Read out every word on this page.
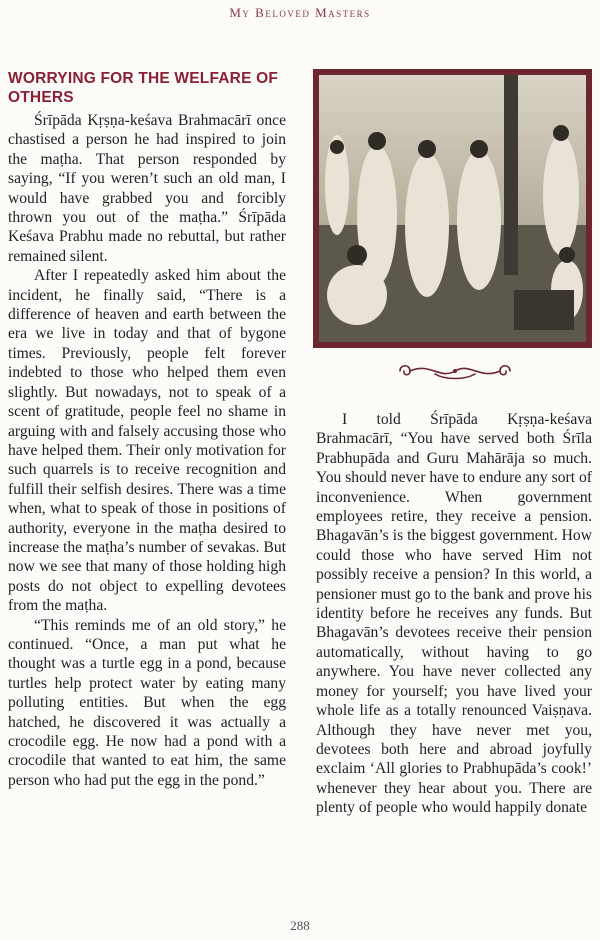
My Beloved Masters
WORRYING FOR THE WELFARE OF OTHERS

Śrīpāda Kṛṣṇa-keśava Brahmacārī once chastised a person he had inspired to join the maṭha. That person responded by saying, “If you weren’t such an old man, I would have grabbed you and forcibly thrown you out of the maṭha.” Śrīpāda Keśava Prabhu made no rebuttal, but rather remained silent.

After I repeatedly asked him about the incident, he finally said, “There is a difference of heaven and earth between the era we live in today and that of bygone times. Previously, people felt forever indebted to those who helped them even slightly. But nowadays, not to speak of a scent of gratitude, people feel no shame in arguing with and falsely accusing those who have helped them. Their only motivation for such quarrels is to receive recognition and fulfill their selfish desires. There was a time when, what to speak of those in positions of authority, everyone in the maṭha desired to increase the maṭha’s number of sevakas. But now we see that many of those holding high posts do not object to expelling devotees from the maṭha.

“This reminds me of an old story,” he continued. “Once, a man put what he thought was a turtle egg in a pond, because turtles help protect water by eating many polluting entities. But when the egg hatched, he discovered it was actually a crocodile egg. He now had a pond with a crocodile that wanted to eat him, the same person who had put the egg in the pond.”

I told Śrīpāda Kṛṣṇa-keśava Brahmacārī, “You have served both Śrīla Prabhupāda and Guru Mahārāja so much. You should never have to endure any sort of inconvenience. When government employees retire, they receive a pension. Bhagavān’s is the biggest government. How could those who have served Him not possibly receive a pension? In this world, a pensioner must go to the bank and prove his identity before he receives any funds. But Bhagavān’s devotees receive their pension automatically, without having to go anywhere. You have never collected any money for yourself; you have lived your whole life as a totally renounced Vaiṣṇava. Although they have never met you, devotees both here and abroad joyfully exclaim ‘All glories to Prabhupāda’s cook!’ whenever they hear about you. There are plenty of people who would happily donate

288
